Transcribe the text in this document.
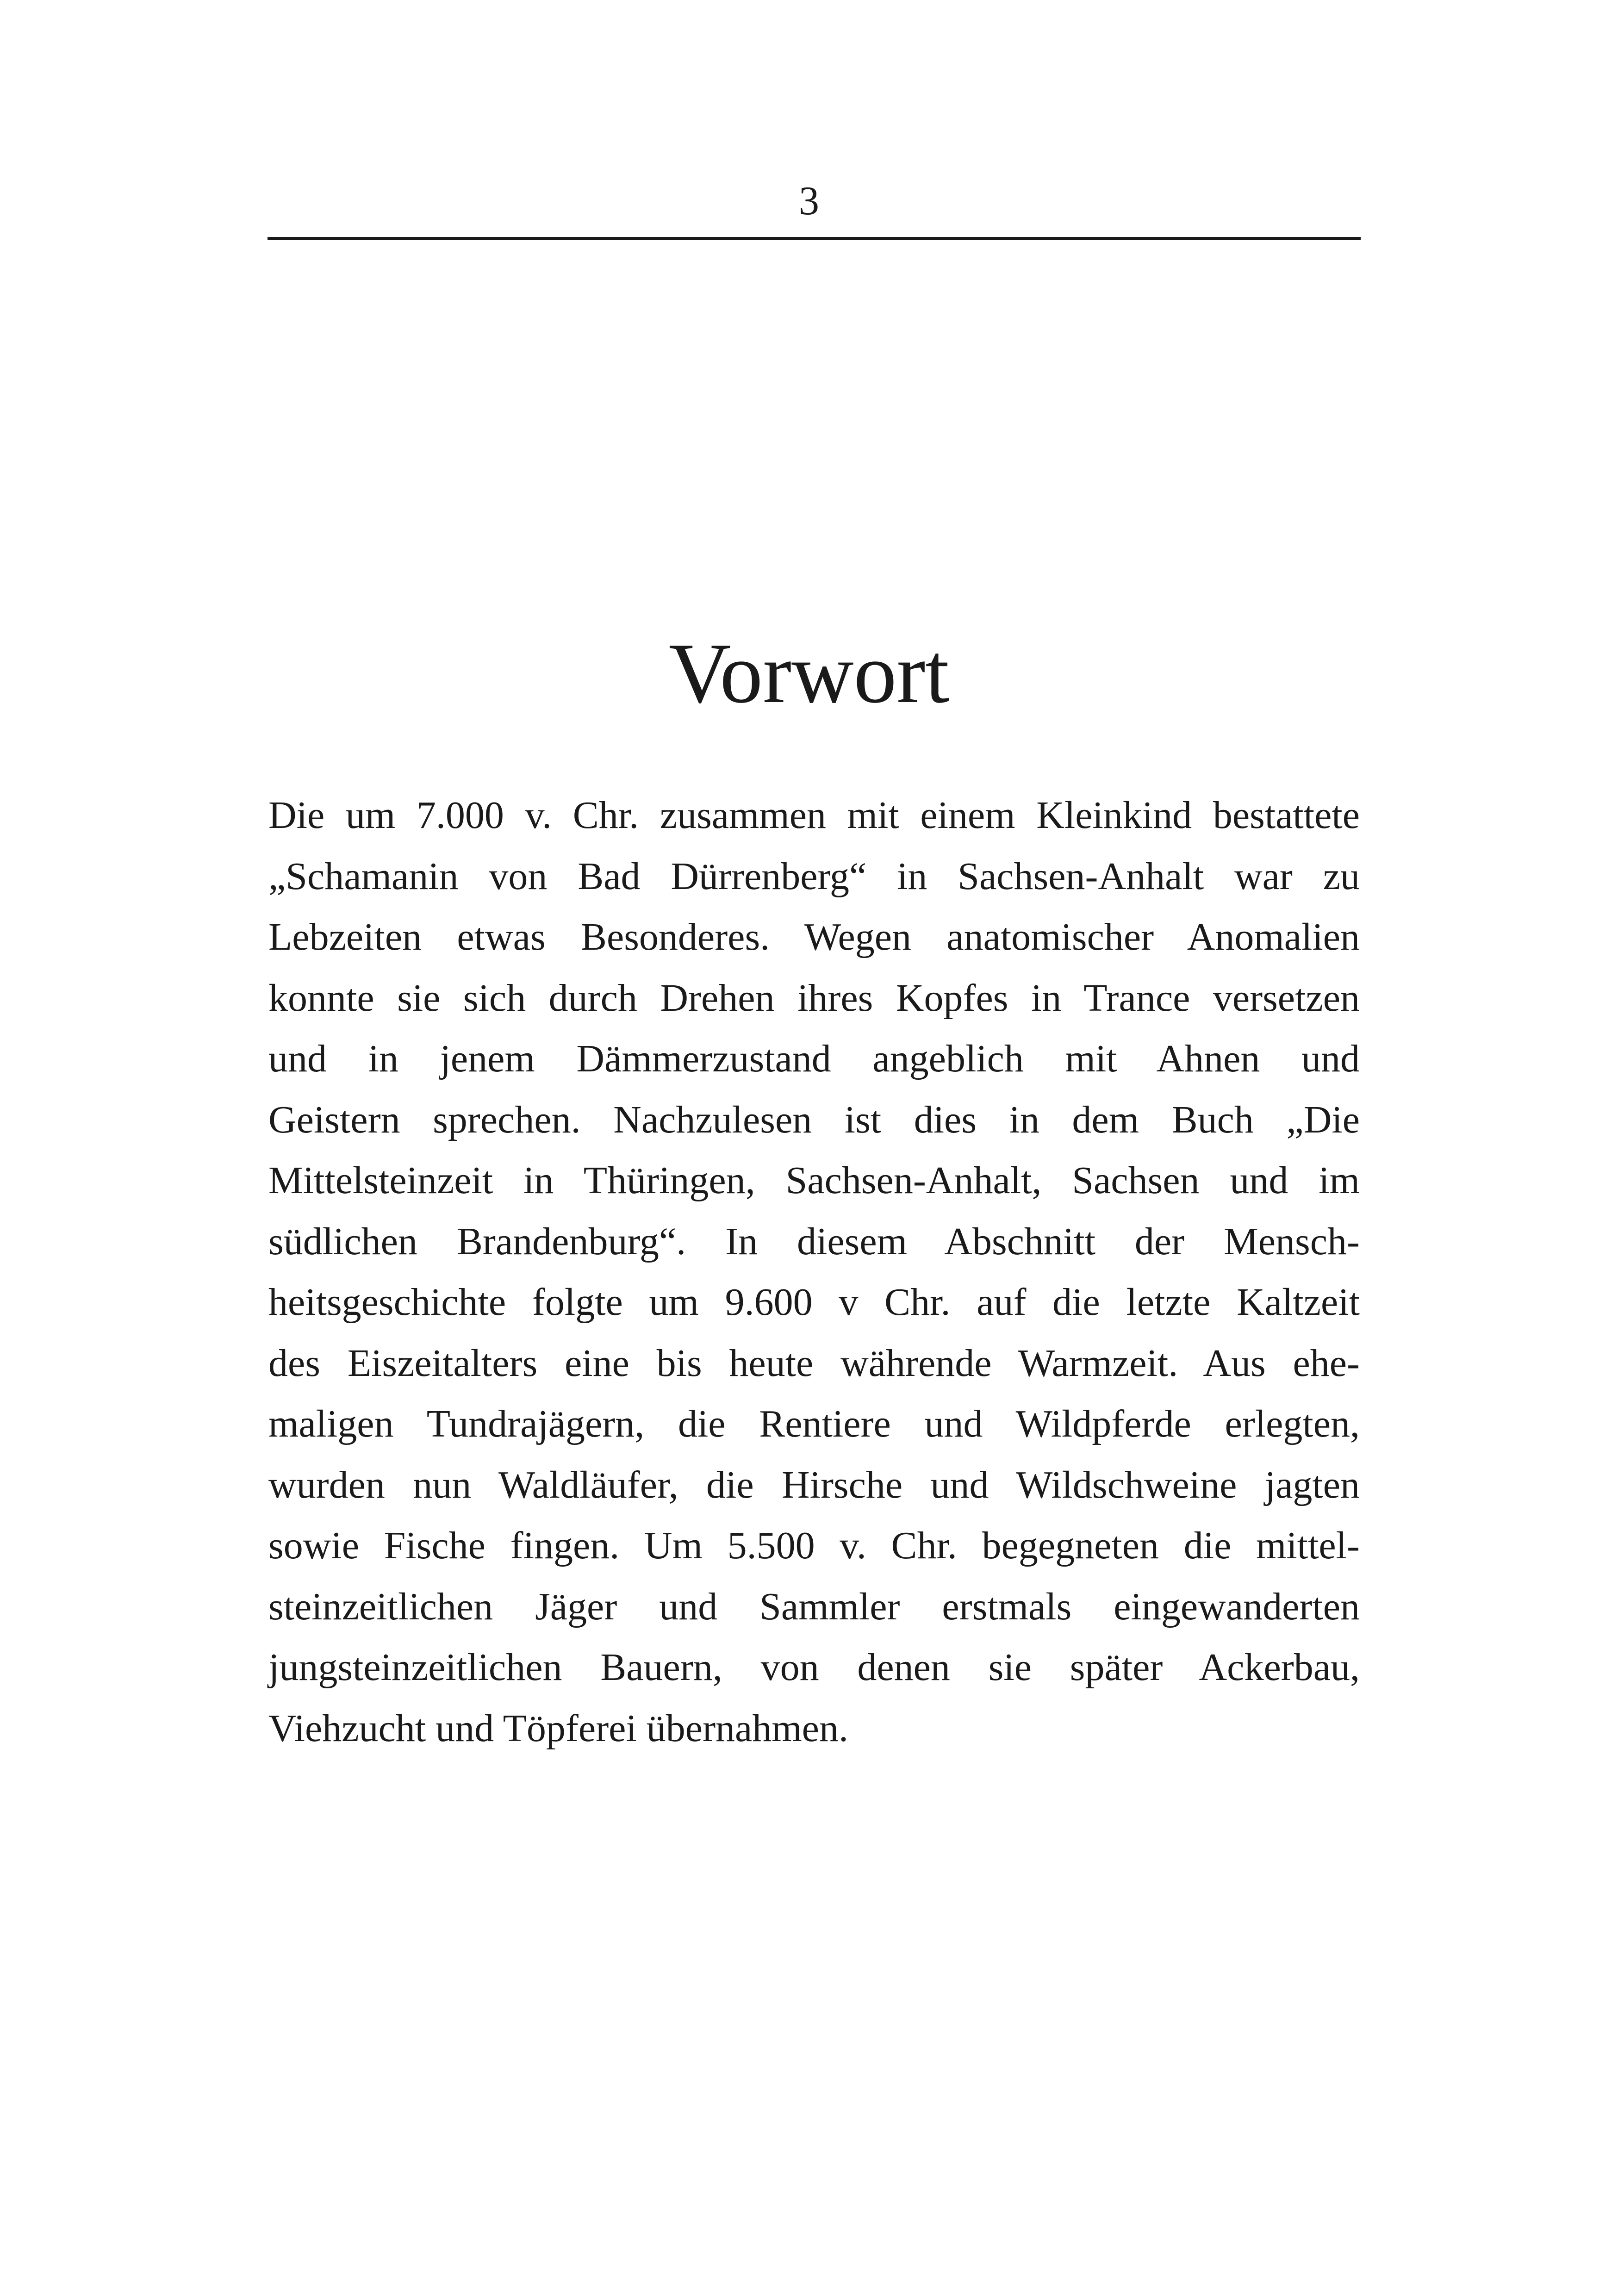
3
Vorwort
Die um 7.000 v. Chr. zusammen mit einem Kleinkind bestattete
„Schamanin von Bad Dürrenberg“ in Sachsen-Anhalt war zu
Lebzeiten etwas Besonderes. Wegen anatomischer Anomalien
konnte sie sich durch Drehen ihres Kopfes in Trance versetzen
und in jenem Dämmerzustand angeblich mit Ahnen und
Geistern sprechen. Nachzulesen ist dies in dem Buch „Die
Mittelsteinzeit in Thüringen, Sachsen-Anhalt, Sachsen und im
südlichen Brandenburg“. In diesem Abschnitt der Mensch-
heitsgeschichte folgte um 9.600 v Chr. auf die letzte Kaltzeit
des Eiszeitalters eine bis heute währende Warmzeit. Aus ehe-
maligen Tundrajägern, die Rentiere und Wildpferde erlegten,
wurden nun Waldläufer, die Hirsche und Wildschweine jagten
sowie Fische fingen. Um 5.500 v. Chr. begegneten die mittel-
steinzeitlichen Jäger und Sammler erstmals eingewanderten
jungsteinzeitlichen Bauern, von denen sie später Ackerbau,
Viehzucht und Töpferei übernahmen.
